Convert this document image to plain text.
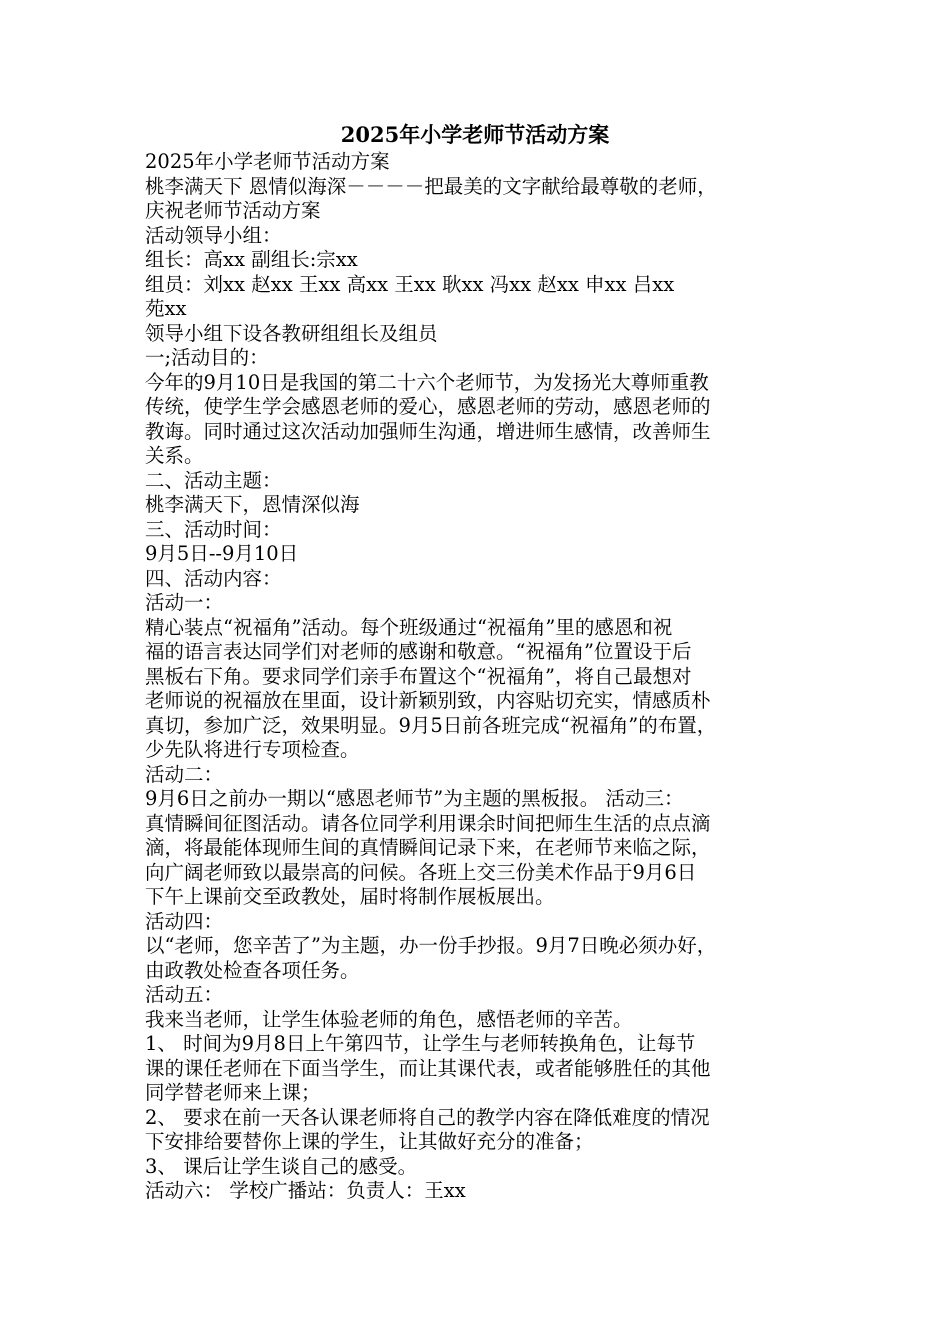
2025年小学老师节活动方案
2025年小学老师节活动方案
桃李满天下 恩情似海深－－－－把最美的文字献给最尊敬的老师，
庆祝老师节活动方案
活动领导小组：
组长：高xx 副组长:宗xx
组员：刘xx 赵xx 王xx 高xx 王xx 耿xx 冯xx 赵xx 申xx 吕xx
苑xx
领导小组下设各教研组组长及组员
一;活动目的：
今年的9月10日是我国的第二十六个老师节，为发扬光大尊师重教
传统，使学生学会感恩老师的爱心，感恩老师的劳动，感恩老师的
教诲。同时通过这次活动加强师生沟通，增进师生感情，改善师生
关系。
二、活动主题：
桃李满天下，恩情深似海
三、活动时间：
9月5日--9月10日
四、活动内容：
活动一：
精心装点“祝福角”活动。每个班级通过“祝福角”里的感恩和祝
福的语言表达同学们对老师的感谢和敬意。“祝福角”位置设于后
黑板右下角。要求同学们亲手布置这个“祝福角”，将自己最想对
老师说的祝福放在里面，设计新颖别致，内容贴切充实，情感质朴
真切，参加广泛，效果明显。9月5日前各班完成“祝福角”的布置，
少先队将进行专项检查。
活动二：
9月6日之前办一期以“感恩老师节”为主题的黑板报。 活动三：
真情瞬间征图活动。请各位同学利用课余时间把师生生活的点点滴
滴，将最能体现师生间的真情瞬间记录下来，在老师节来临之际，
向广阔老师致以最崇高的问候。各班上交三份美术作品于9月6日
下午上课前交至政教处，届时将制作展板展出。
活动四：
以“老师，您辛苦了”为主题，办一份手抄报。9月7日晚必须办好，
由政教处检查各项任务。
活动五：
我来当老师，让学生体验老师的角色，感悟老师的辛苦。
1、 时间为9月8日上午第四节，让学生与老师转换角色，让每节
课的课任老师在下面当学生，而让其课代表，或者能够胜任的其他
同学替老师来上课；
2、 要求在前一天各认课老师将自己的教学内容在降低难度的情况
下安排给要替你上课的学生，让其做好充分的准备；
3、 课后让学生谈自己的感受。
活动六： 学校广播站：负责人：王xx
